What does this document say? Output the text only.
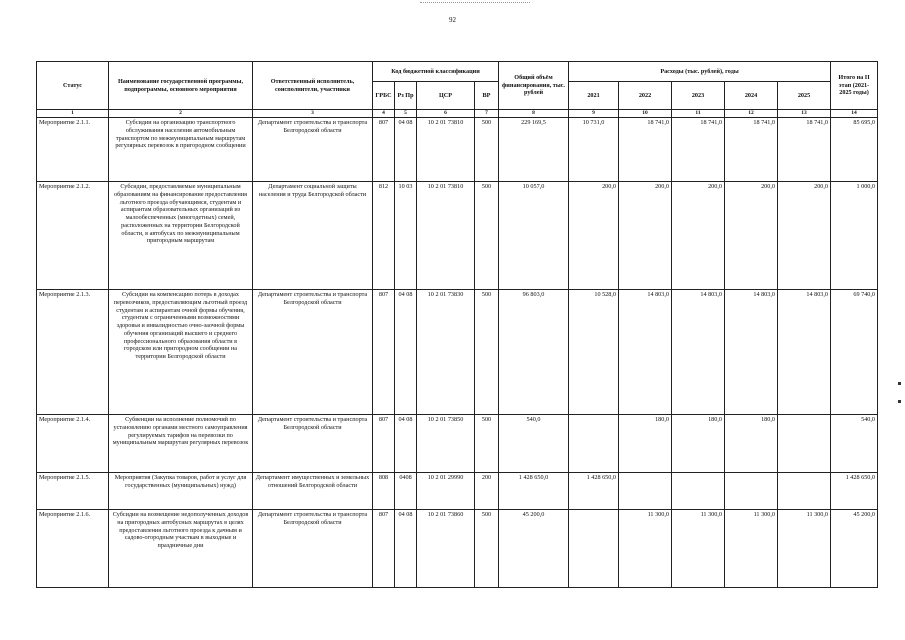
92
Статус	Наименование государственной программы, подпрограммы, основного мероприятия	Ответственный исполнитель, соисполнители, участники	Код бюджетной классификации				Общий объём финансирования, тыс. рублей	Расходы (тыс. рублей), годы					Итого на II этап (2021-2025 годы)
			ГРБС	Рз Пр	ЦСР	ВР		2021	2022	2023	2024	2025	
1	2	3	4	5	6	7	8	9	10	11	12	13	14
Мероприятие 2.1.1.	Субсидии на организацию транспортного обслуживания населения автомобильным транспортом по межмуниципальным маршрутам регулярных перевозок в пригородном сообщении	Департамент строительства и транспорта Белгородской области	807	04 08	10 2 01 73810	500	229 169,5	10 731,0	18 741,0	18 741,0	18 741,0	18 741,0	85 695,0
Мероприятие 2.1.2.	Субсидии, предоставляемые муниципальным образованиям на финансирование предоставления льготного проезда обучающимся, студентам и аспирантам образовательных организаций из малообеспеченных (многодетных) семей, расположенных на территории Белгородской области, в автобусах по межмуниципальным пригородным маршрутам	Департамент социальной защиты населения и труда Белгородской области	812	10 03	10 2 01 73810	500	10 057,0	200,0	200,0	200,0	200,0	200,0	1 000,0
Мероприятие 2.1.3.	Субсидии на компенсацию потерь в доходах перевозчиков, предоставляющим льготный проезд студентам и аспирантам очной формы обучения, студентам с ограниченными возможностями здоровья и инвалидностью очно-заочной формы обучения организаций высшего и среднего профессионального образования области в городском или пригородном сообщении на территории Белгородской области	Департамент строительства и транспорта Белгородской области	807	04 08	10 2 01 73830	500	96 803,0	10 528,0	14 803,0	14 803,0	14 803,0	14 803,0	69 740,0
Мероприятие 2.1.4.	Субвенции на исполнение полномочий по установлению органами местного самоуправления регулируемых тарифов на перевозки по муниципальным маршрутам регулярных перевозок	Департамент строительства и транспорта Белгородской области	807	04 08	10 2 01 73850	500	540,0		180,0	180,0	180,0		540,0
Мероприятие 2.1.5.	Мероприятия (Закупка товаров, работ и услуг для государственных (муниципальных) нужд)	Департамент имущественных и земельных отношений Белгородской области	808	0408	10 2 01 29990	200	1 428 650,0	1 428 650,0					1 428 650,0
Мероприятие 2.1.6.	Субсидии на возмещение недополученных доходов на пригородных автобусных маршрутах в целях предоставления льготного проезда к дачным и садово-огородным участкам в выходные и праздничные дни	Департамент строительства и транспорта Белгородской области	807	04 08	10 2 01 73860	500	45 200,0		11 300,0	11 300,0	11 300,0	11 300,0	45 200,0
